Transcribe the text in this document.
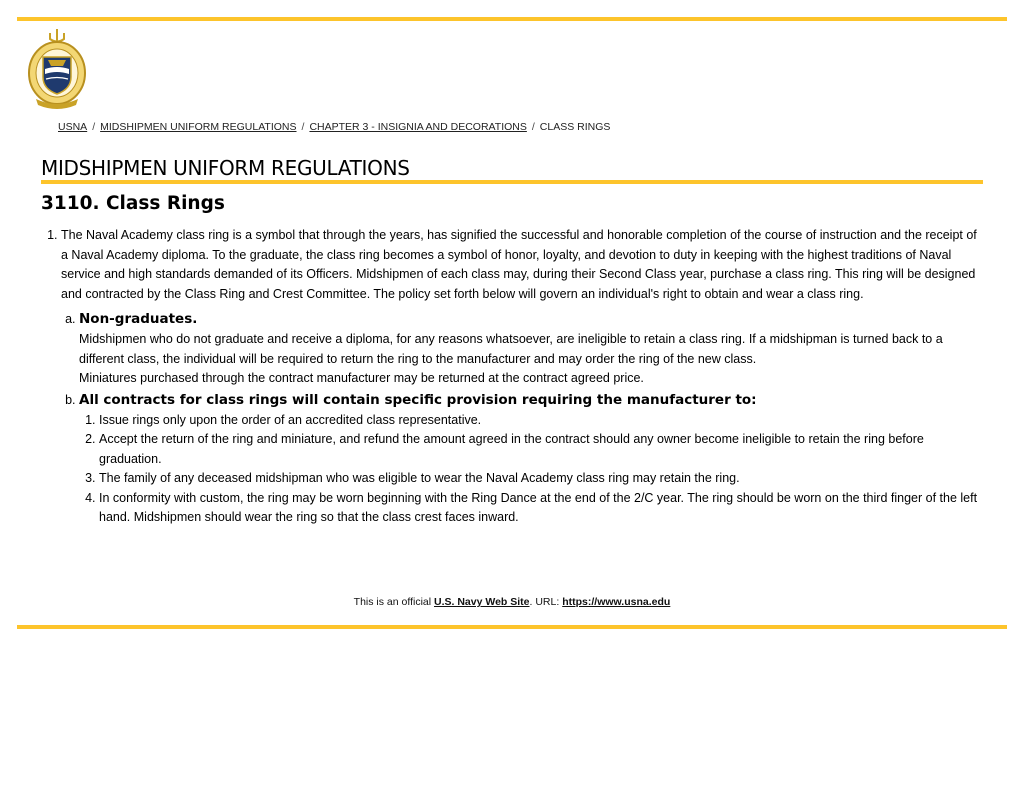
USNA / MIDSHIPMEN UNIFORM REGULATIONS / CHAPTER 3 - INSIGNIA AND DECORATIONS / CLASS RINGS
MIDSHIPMEN UNIFORM REGULATIONS
3110. Class Rings
1. The Naval Academy class ring is a symbol that through the years, has signified the successful and honorable completion of the course of instruction and the receipt of a Naval Academy diploma. To the graduate, the class ring becomes a symbol of honor, loyalty, and devotion to duty in keeping with the highest traditions of Naval service and high standards demanded of its Officers. Midshipmen of each class may, during their Second Class year, purchase a class ring. This ring will be designed and contracted by the Class Ring and Crest Committee. The policy set forth below will govern an individual's right to obtain and wear a class ring.
a. Non-graduates.

Midshipmen who do not graduate and receive a diploma, for any reasons whatsoever, are ineligible to retain a class ring. If a midshipman is turned back to a different class, the individual will be required to return the ring to the manufacturer and may order the ring of the new class.

Miniatures purchased through the contract manufacturer may be returned at the contract agreed price.

b. All contracts for class rings will contain specific provision requiring the manufacturer to:
1. Issue rings only upon the order of an accredited class representative.
2. Accept the return of the ring and miniature, and refund the amount agreed in the contract should any owner become ineligible to retain the ring before graduation.
3. The family of any deceased midshipman who was eligible to wear the Naval Academy class ring may retain the ring.
4. In conformity with custom, the ring may be worn beginning with the Ring Dance at the end of the 2/C year. The ring should be worn on the third finger of the left hand. Midshipmen should wear the ring so that the class crest faces inward.
This is an official U.S. Navy Web Site. URL: https://www.usna.edu
